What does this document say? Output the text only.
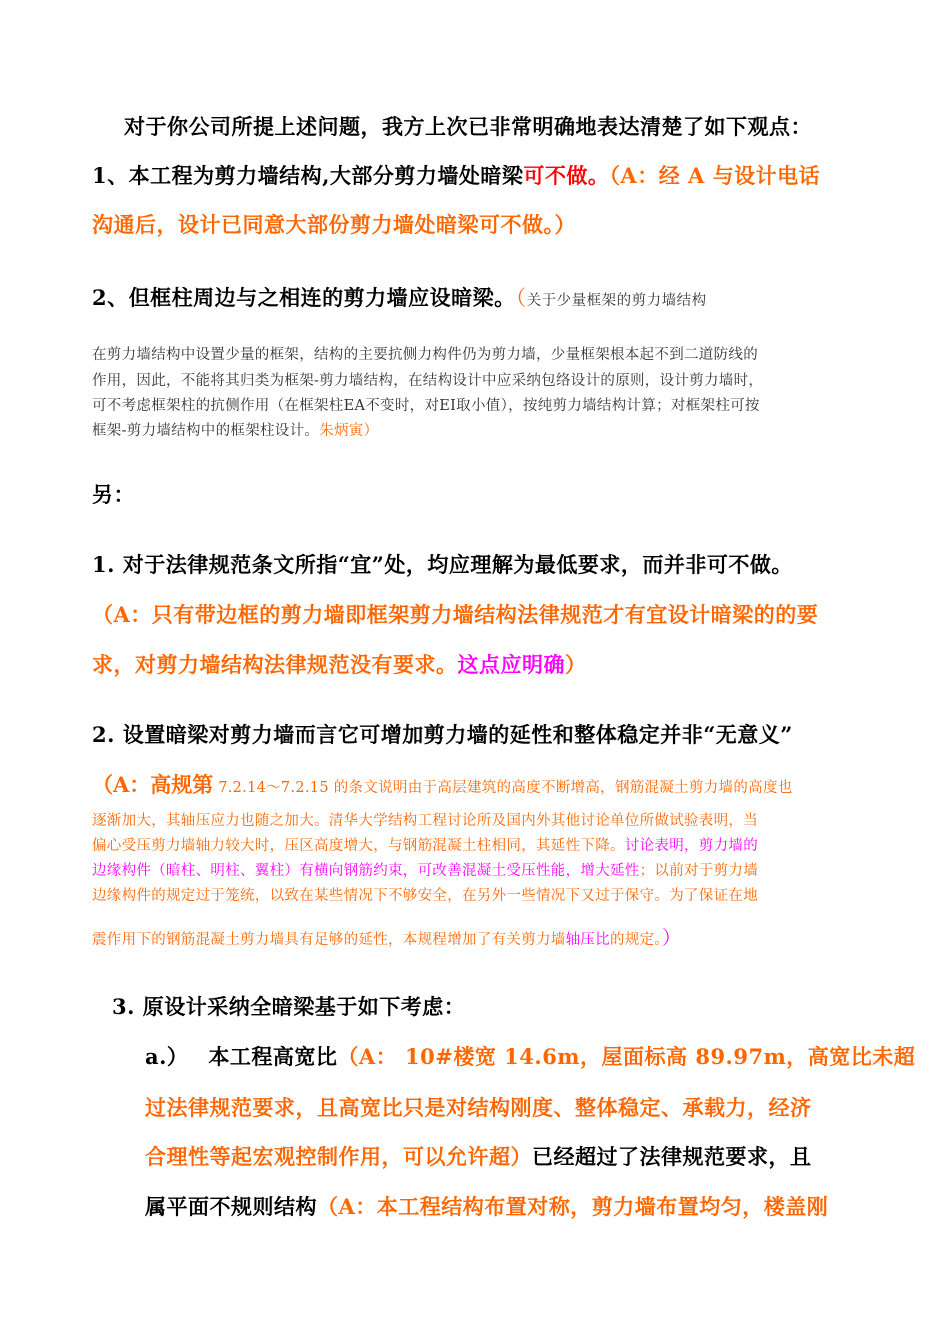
对于你公司所提上述问题，我方上次已非常明确地表达清楚了如下观点：
1、本工程为剪力墙结构,大部分剪力墙处暗梁可不做。（A：经 A 与设计电话
沟通后，设计已同意大部份剪力墙处暗梁可不做。）
2、但框柱周边与之相连的剪力墙应设暗梁。（关于少量框架的剪力墙结构
在剪力墙结构中设置少量的框架，结构的主要抗侧力构件仍为剪力墙，少量框架根本起不到二道防线的
作用，因此，不能将其归类为框架-剪力墙结构，在结构设计中应采纳包络设计的原则，设计剪力墙时，
可不考虑框架柱的抗侧作用（在框架柱EA不变时，对EI取小值），按纯剪力墙结构计算；对框架柱可按
框架-剪力墙结构中的框架柱设计。朱炳寅）
另：
1. 对于法律规范条文所指“宜”处，均应理解为最低要求，而并非可不做。
（A：只有带边框的剪力墙即框架剪力墙结构法律规范才有宜设计暗梁的的要
求，对剪力墙结构法律规范没有要求。这点应明确）
2. 设置暗梁对剪力墙而言它可增加剪力墙的延性和整体稳定并非“无意义”
（A：高规第 7.2.14～7.2.15 的条文说明由于高层建筑的高度不断增高，钢筋混凝土剪力墙的高度也
逐渐加大，其轴压应力也随之加大。清华大学结构工程讨论所及国内外其他讨论单位所做试验表明，当
偏心受压剪力墙轴力较大时，压区高度增大，与钢筋混凝土柱相同，其延性下降。讨论表明，剪力墙的
边缘构件（暗柱、明柱、翼柱）有横向钢筋约束，可改善混凝土受压性能，增大延性；以前对于剪力墙
边缘构件的规定过于笼统，以致在某些情况下不够安全，在另外一些情况下又过于保守。为了保证在地
震作用下的钢筋混凝土剪力墙具有足够的延性，本规程增加了有关剪力墙轴压比的规定。）
3. 原设计采纳全暗梁基于如下考虑：
a.） 本工程高宽比（A： 10#楼宽 14.6m，屋面标高 89.97m，高宽比未超
过法律规范要求，且高宽比只是对结构刚度、整体稳定、承载力，经济
合理性等起宏观控制作用，可以允许超）已经超过了法律规范要求，且
属平面不规则结构（A：本工程结构布置对称，剪力墙布置均匀，楼盖刚
